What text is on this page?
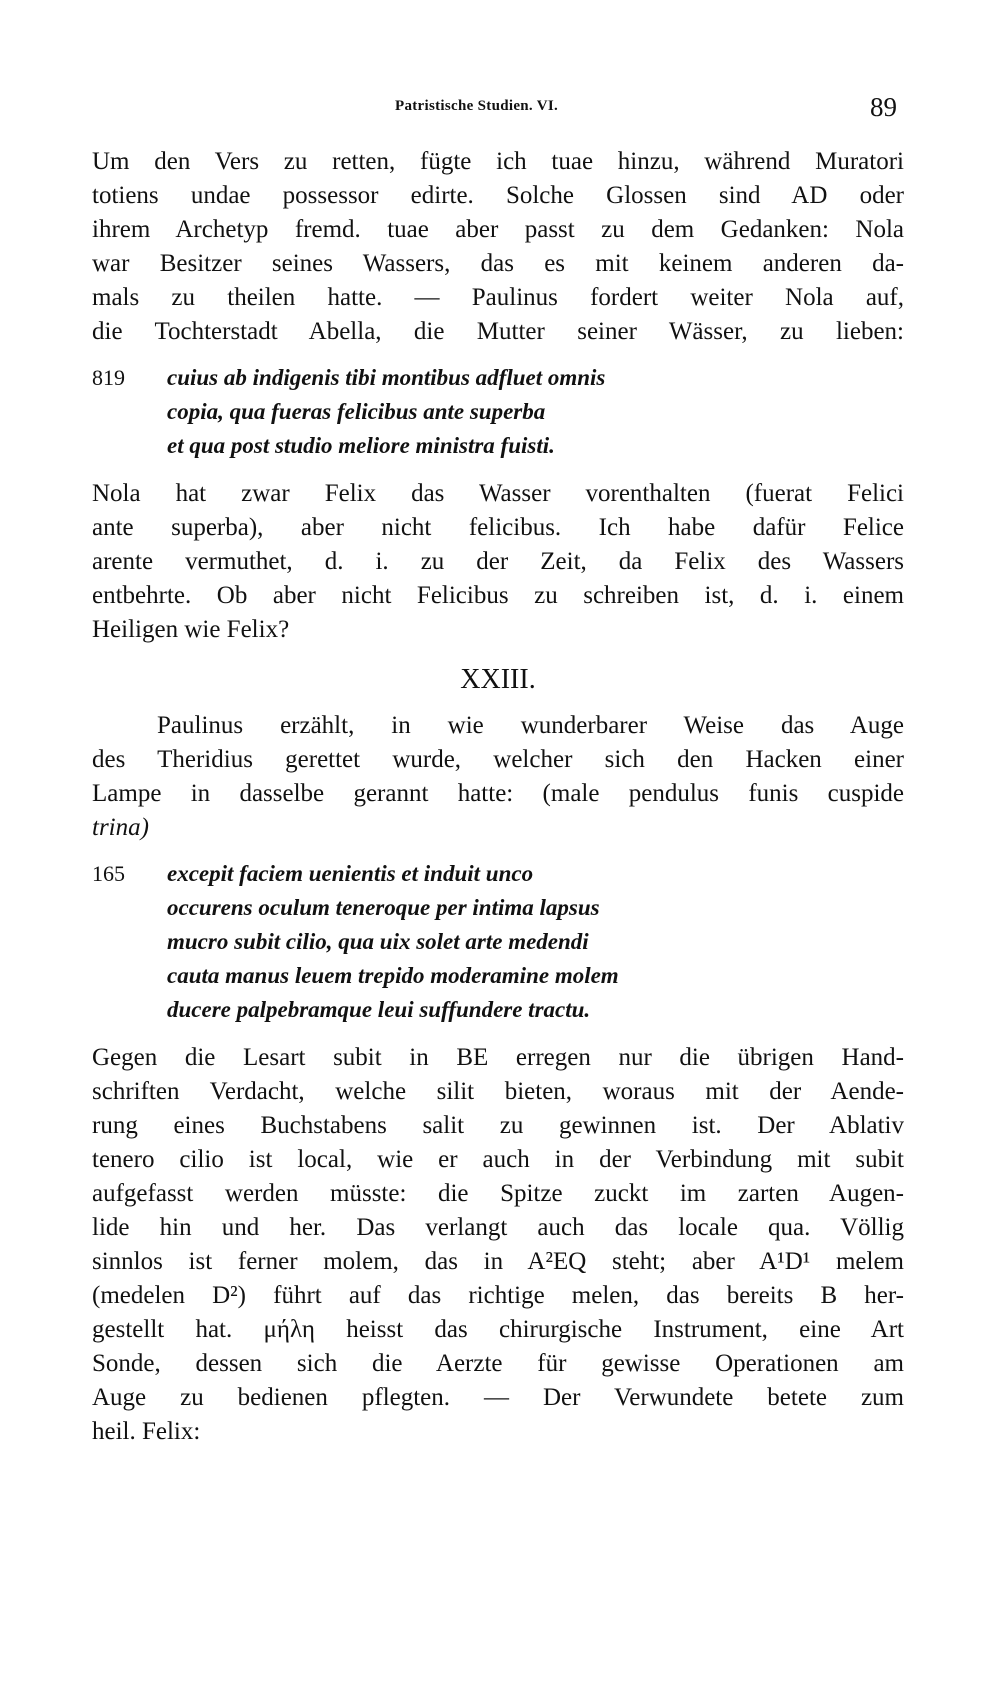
Patristische Studien. VI.	89
Um den Vers zu retten, fügte ich tuae hinzu, während Muratori
totiens undae possessor edirte. Solche Glossen sind AD oder
ihrem Archetyp fremd. tuae aber passt zu dem Gedanken: Nola
war Besitzer seines Wassers, das es mit keinem anderen da-
mals zu theilen hatte. — Paulinus fordert weiter Nola auf,
die Tochterstadt Abella, die Mutter seiner Wässer, zu lieben:
819 cuius ab indigenis tibi montibus adfluet omnis
copia, qua fueras felicibus ante superba
et qua post studio meliore ministra fuisti.
Nola hat zwar Felix das Wasser vorenthalten (fuerat Felici
ante superba), aber nicht felicibus. Ich habe dafür Felice
arente vermuthet, d. i. zu der Zeit, da Felix des Wassers
entbehrte. Ob aber nicht Felicibus zu schreiben ist, d. i. einem
Heiligen wie Felix?
XXIII.
Paulinus erzählt, in wie wunderbarer Weise das Auge
des Theridius gerettet wurde, welcher sich den Hacken einer
Lampe in dasselbe gerannt hatte: (male pendulus funis cuspide
trina)
165 excepit faciem uenientis et induit unco
occurens oculum teneroque per intima lapsus
mucro subit cilio, qua uix solet arte medendi
cauta manus leuem trepido moderamine molem
ducere palpebramque leui suffundere tractu.
Gegen die Lesart subit in BE erregen nur die übrigen Hand-
schriften Verdacht, welche silit bieten, woraus mit der Aende-
rung eines Buchstabens salit zu gewinnen ist. Der Ablativ
tenero cilio ist local, wie er auch in der Verbindung mit subit
aufgefasst werden müsste: die Spitze zuckt im zarten Augen-
lide hin und her. Das verlangt auch das locale qua. Völlig
sinnlos ist ferner molem, das in A²EQ steht; aber A¹D¹ melem
(medelen D²) führt auf das richtige melen, das bereits B her-
gestellt hat. μήλη heisst das chirurgische Instrument, eine Art
Sonde, dessen sich die Aerzte für gewisse Operationen am
Auge zu bedienen pflegten. — Der Verwundete betete zum
heil. Felix:
